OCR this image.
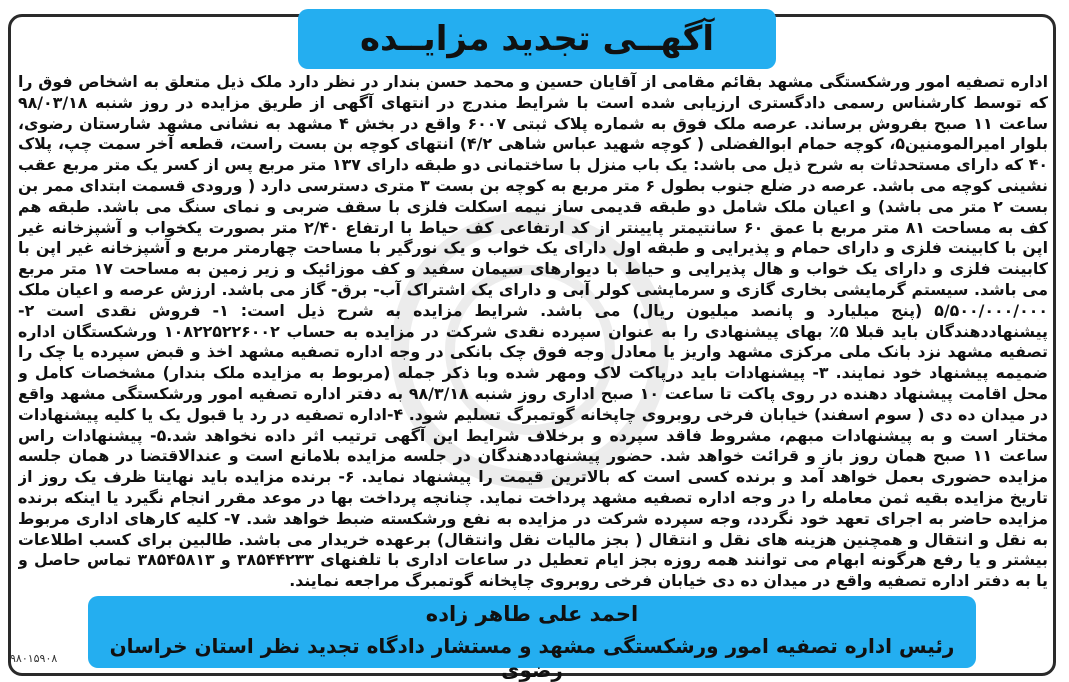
آگهــی تجدید مزایــده
اداره تصفیه امور ورشکستگی مشهد بقائم مقامی از آقایان حسین و محمد حسن بندار در نظر دارد ملک ذیل متعلق به اشخاص فوق را که توسط کارشناس رسمی دادگستری ارزیابی شده است با شرایط مندرج در انتهای آگهی از طریق مزایده در روز شنبه ۹۸/۰۳/۱۸ ساعت ۱۱ صبح بفروش برساند. عرصه ملک فوق به شماره پلاک ثبتی ۶۰۰۷ واقع در بخش ۴ مشهد به نشانی مشهد شارستان رضوی، بلوار امیرالمومنین۵، کوچه حمام ابوالفضلی ( کوچه شهید عباس شاهی ۴/۲) انتهای کوچه بن بست راست، قطعه آخر سمت چپ، پلاک ۴۰ که دارای مستحدثات به شرح ذیل می باشد: یک باب منزل با ساختمانی دو طبقه دارای ۱۳۷ متر مربع پس از کسر یک متر مربع عقب نشینی کوچه می باشد. عرصه در ضلع جنوب بطول ۶ متر مربع به کوچه بن بست ۳ متری دسترسی دارد ( ورودی قسمت ابتدای ممر بن بست ۲ متر می باشد) و اعیان ملک شامل دو طبقه قدیمی ساز نیمه اسکلت فلزی با سقف ضربی و نمای سنگ می باشد. طبقه هم کف به مساحت ۸۱ متر مربع با عمق ۶۰ سانتیمتر پایینتر از کد ارتفاعی کف حیاط با ارتفاع ۲/۴۰ متر بصورت یکخواب و آشپزخانه غیر اپن با کابینت فلزی و دارای حمام و پذیرایی و طبقه اول دارای یک خواب و یک نورگیر با مساحت چهارمتر مربع و آشپزخانه غیر اپن با کابینت فلزی و دارای یک خواب و هال پذیرایی و حیاط با دیوارهای سیمان سفید و کف موزائیک و زیر زمین به مساحت ۱۷ متر مربع می باشد. سیستم گرمایشی بخاری گازی و سرمایشی کولر آبی و دارای یک اشتراک آب- برق- گاز می باشد. ارزش عرصه و اعیان ملک ۵/۵۰۰/۰۰۰/۰۰۰ (پنج میلیارد و پانصد میلیون ریال) می باشد. شرایط مزایده به شرح ذیل است: ۱- فروش نقدی است ۲- پیشنهاددهندگان باید قبلا ۵٪ بهای پیشنهادی را به عنوان سپرده نقدی شرکت در مزایده به حساب ۱۰۸۲۲۵۲۲۶۰۰۲ ورشکستگان اداره تصفیه مشهد نزد بانک ملی مرکزی مشهد واریز یا معادل وجه فوق چک بانکی در وجه اداره تصفیه مشهد اخذ و قبض سپرده یا چک را ضمیمه پیشنهاد خود نمایند. ۳- پیشنهادات باید درپاکت لاک ومهر شده وبا ذکر جمله (مربوط به مزایده ملک بندار) مشخصات کامل و محل اقامت پیشنهاد دهنده در روی پاکت تا ساعت ۱۰ صبح اداری روز شنبه ۹۸/۳/۱۸ به دفتر اداره تصفیه امور ورشکستگی مشهد واقع در میدان ده دی ( سوم اسفند) خیابان فرخی روبروی چاپخانه گوتمبرگ تسلیم شود. ۴-اداره تصفیه در رد یا قبول یک یا کلیه پیشنهادات مختار است و به پیشنهادات مبهم، مشروط فاقد سپرده و برخلاف شرایط این آگهی ترتیب اثر داده نخواهد شد.۵- پیشنهادات راس ساعت ۱۱ صبح همان روز باز و قرائت خواهد شد. حضور پیشنهاددهندگان در جلسه مزایده بلامانع است و عندالاقتضا در همان جلسه مزایده حضوری بعمل خواهد آمد و برنده کسی است که بالاترین قیمت را پیشنهاد نماید. ۶- برنده مزایده باید نهایتا ظرف یک روز از تاریخ مزایده بقیه ثمن معامله را در وجه اداره تصفیه مشهد پرداخت نماید. چنانچه پرداخت بها در موعد مقرر انجام نگیرد یا اینکه برنده مزایده حاضر به اجرای تعهد خود نگردد، وجه سپرده شرکت در مزایده به نفع ورشکسته ضبط خواهد شد. ۷- کلیه کارهای اداری مربوط به نقل و انتقال و همچنین هزینه های نقل و انتقال ( بجز مالیات نقل وانتقال) برعهده خریدار می باشد. طالبین برای کسب اطلاعات بیشتر و یا رفع هرگونه ابهام می توانند همه روزه بجز ایام تعطیل در ساعات اداری با تلفنهای ۳۸۵۴۴۲۳۳ و ۳۸۵۴۵۸۱۳ تماس حاصل و یا به دفتر اداره تصفیه واقع در میدان ده دی خیابان فرخی روبروی چاپخانه گوتمبرگ مراجعه نمایند.
احمد علی طاهر زاده
رئیس اداره تصفیه امور ورشکستگی مشهد و مستشار دادگاه تجدید نظر استان خراسان رضوی
۹۸۰۱۵۹۰۸
